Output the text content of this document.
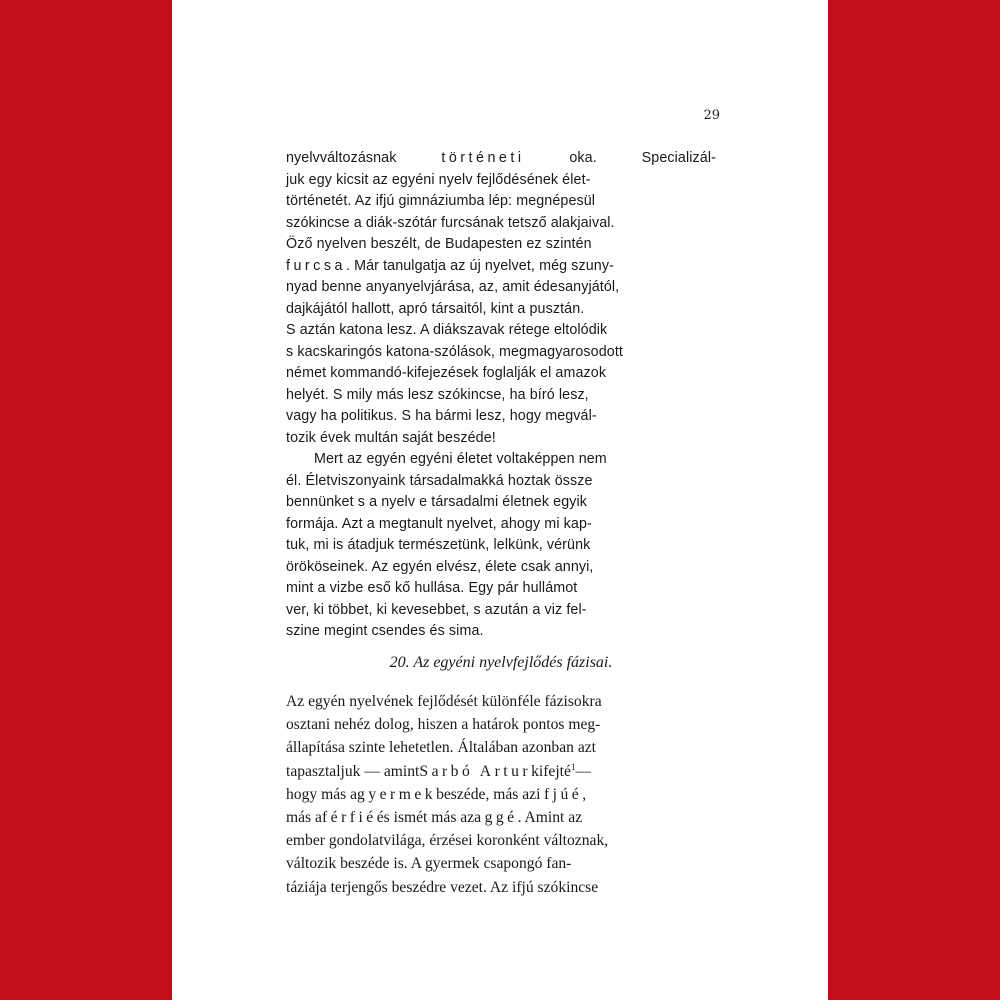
29
nyelvváltozásnak	történeti	oka.	Specializál-
juk egy kicsit az egyéni nyelv fejlődésének élet-
történetét. Az ifjú gimnáziumba lép: megnépesül
szókincse a diák-szótár furcsának tetsző alakjaival.
Öző nyelven beszélt, de Budapesten ez szintén
furcsa. Már tanulgatja az új nyelvet, még szuny-
nyad benne anyanyelvjárása, az, amit édesanyjától,
dajkájától hallott, apró társaitól, kint a pusztán.
S aztán katona lesz. A diákszavak rétege eltolódik
s kacskaringós katona-szólások, megmagyarosodott
német kommandó-kifejezések foglalják el amazok
helyét. S mily más lesz szókincse, ha bíró lesz,
vagy ha politikus. S ha bármi lesz, hogy megvál-
tozik évek multán saját beszéde!
Mert az egyén egyéni életet voltaképpen nem
él. Életviszonyaink társadalmakká hoztak össze
bennünket s a nyelv e társadalmi életnek egyik
formája. Azt a megtanult nyelvet, ahogy mi kap-
tuk, mi is átadjuk természetünk, lelkünk, vérünk
örököseinek. Az egyén elvész, élete csak annyi,
mint a vizbe eső kő hullása. Egy pár hullámot
ver, ki többet, ki kevesebbet, s azután a viz fel-
szine megint csendes és sima.
20. Az egyéni nyelvfejlődés fázisai.
Az egyén nyelvének fejlődését különféle fázisokra
osztani nehéz dolog, hiszen a határok pontos meg-
állapítása szinte lehetetlen. Általában azonban azt
tapasztaljuk — amintSarbó Arturkifejté$^1$—
hogy más agyermekbeszéde, más azifjúé,
más aférfiéés ismét más azaggé. Amint az
ember gondolatvilága, érzései koronként változnak,
változik beszéde is. A gyermek csapongó fan-
táziája terjengős beszédre vezet. Az ifjú szókincse
